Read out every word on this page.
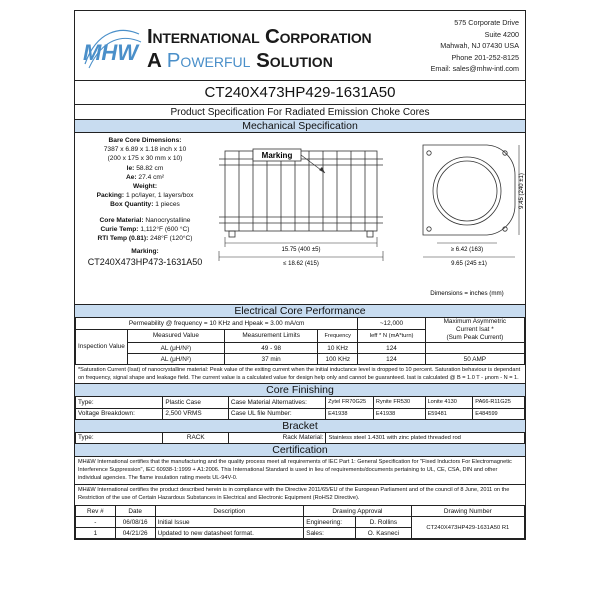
MHW
International Corporation
A Powerful Solution
575 Corporate Drive
Suite 4200
Mahwah, NJ 07430 USA
Phone 201-252-8125
Email: sales@mhw-intl.com
CT240X473HP429-1631A50
Product Specification For Radiated Emission Choke Cores
Mechanical Specification
Bare Core Dimensions:
7387 x 6.89 x 1.18 inch x 10
(200 x 175 x 30 mm x 10)
le: 58.82 cm
Ae: 27.4 cm²
Weight:
Packing: 1 pc/layer, 1 layers/box
Box Quantity: 1 pieces
Core Material: Nanocrystalline
Curie Temp: 1,112°F (600 °C)
RTI Temp (0.81): 248°F (120°C)
Marking:
CT240X473HP473-1631A50
Marking
15.75 (400 ±5)
≤ 18.62 (415)
9.45 (240 ±1)
≥ 6.42 (163)
9.65 (245 ±1)
Dimensions = inches (mm)
Electrical Core Performance
Permeability @ frequency = 10 KHz and Hpeak = 3.00 mA/cm				~12,000	Maximum Asymmetric
Current Isat *
(Sum Peak Current)

Inspection Value	Measured Value	Measurement Limits	Frequency	Ieff * N (mA*turn)	
	AL (μH/N²)	49 - 98	10 KHz	124	
	AL (μH/N²)	37 min	100 KHz	124	50 AMP
*Saturation Current (Isat) of nanocrystalline material: Peak value of the exiting current when the initial inductance level is dropped to 10 percent. Saturation behaviour is dependant on frequency, signal shape and leakage field. The current value is a calculated value for design help only and cannot be guaranteed. Isat is calculated @ B = 1.0 T - μnom - N = 1.
Core Finishing
Type:	Plastic Case	Case Material Alternatives:	Zytel FR70G25	Rynite FR530	Lonite 4130	PA66-R11G25
Voltage Breakdown:	2,500 VRMS	Case UL file Number:	E41938	E41938	E59481	E484599
Bracket
Type:	RACK	Rack Material:	Stainless steel 1.4301 with zinc plated threaded rod
Certification
MH&W International certifies that the manufacturing and the quality process meet all requirements of IEC Part 1: General Specification for "Fixed Inductors For Electromagnetic Interference Suppression", IEC 60938-1:1999 + A1:2006. This International Standard is used in lieu of requirements/documents pertaining to UL, CE, CSA, DIN and other individual agencies. The flame insulation rating meets UL-94V-0.
MH&W International certifies the product described herein is in compliance with the Directive 2011/65/EU of the European Parliament and of the council of 8 June, 2011 on the Restriction of the use of Certain Hazardous Substances in Electrical and Electronic Equipment (RoHS2 Directive).
Rev #	Date	Description	Drawing Approval		Drawing Number
-	06/08/16	Initial Issue	Engineering:	D. Rollins	CT240X473HP429-1631A50 R1
1	04/21/26	Updated to new datasheet format.	Sales:	O. Kasneci	
